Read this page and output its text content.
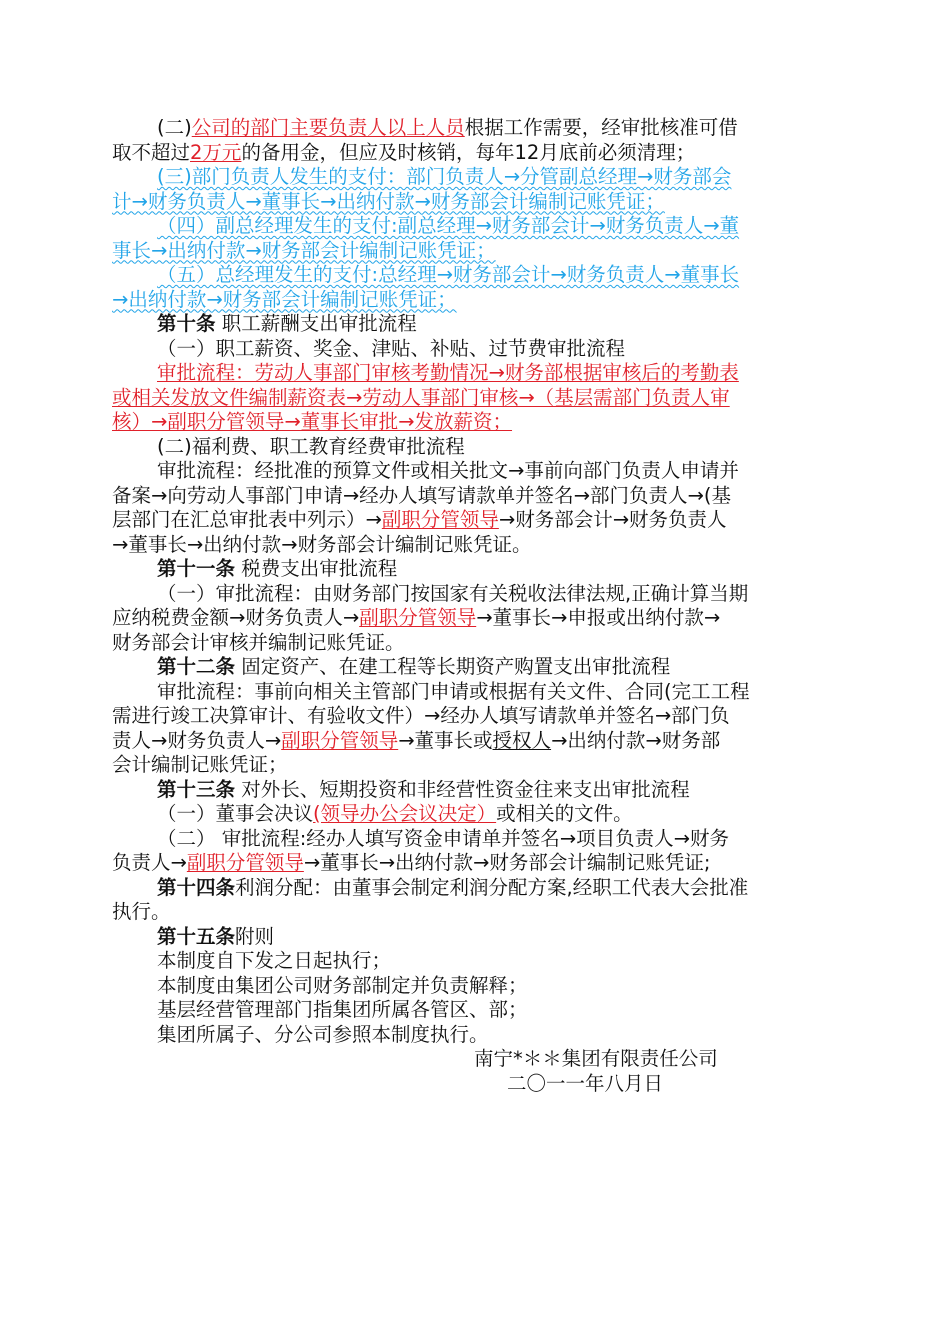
(二)公司的部门主要负责人以上人员根据工作需要，经审批核准可借

取不超过2万元的备用金，但应及时核销，每年12月底前必须清理；

(三)部门负责人发生的支付：部门负责人→分管副总经理→财务部会

计→财务负责人→董事长→出纳付款→财务部会计编制记账凭证；

（四）副总经理发生的支付:副总经理→财务部会计→财务负责人→董

事长→出纳付款→财务部会计编制记账凭证；

（五）总经理发生的支付:总经理→财务部会计→财务负责人→董事长

→出纳付款→财务部会计编制记账凭证；

第十条 职工薪酬支出审批流程

（一）职工薪资、奖金、津贴、补贴、过节费审批流程

审批流程：劳动人事部门审核考勤情况→财务部根据审核后的考勤表

或相关发放文件编制薪资表→劳动人事部门审核→（基层需部门负责人审

核）→副职分管领导→董事长审批→发放薪资；

(二)福利费、职工教育经费审批流程

审批流程：经批准的预算文件或相关批文→事前向部门负责人申请并

备案→向劳动人事部门申请→经办人填写请款单并签名→部门负责人→(基

层部门在汇总审批表中列示）→副职分管领导→财务部会计→财务负责人

→董事长→出纳付款→财务部会计编制记账凭证。

第十一条 税费支出审批流程

（一）审批流程：由财务部门按国家有关税收法律法规,正确计算当期

应纳税费金额→财务负责人→副职分管领导→董事长→申报或出纳付款→

财务部会计审核并编制记账凭证。

第十二条 固定资产、在建工程等长期资产购置支出审批流程

审批流程：事前向相关主管部门申请或根据有关文件、合同(完工工程

需进行竣工决算审计、有验收文件）→经办人填写请款单并签名→部门负

责人→财务负责人→副职分管领导→董事长或授权人→出纳付款→财务部

会计编制记账凭证；

第十三条 对外长、短期投资和非经营性资金往来支出审批流程

（一）董事会决议(领导办公会议决定）或相关的文件。

（二） 审批流程:经办人填写资金申请单并签名→项目负责人→财务

负责人→副职分管领导→董事长→出纳付款→财务部会计编制记账凭证;

第十四条利润分配：由董事会制定利润分配方案,经职工代表大会批准

执行。

第十五条附则

本制度自下发之日起执行；

本制度由集团公司财务部制定并负责解释；

基层经营管理部门指集团所属各管区、部；

集团所属子、分公司参照本制度执行。

南宁*＊＊集团有限责任公司

二〇一一年八月日
